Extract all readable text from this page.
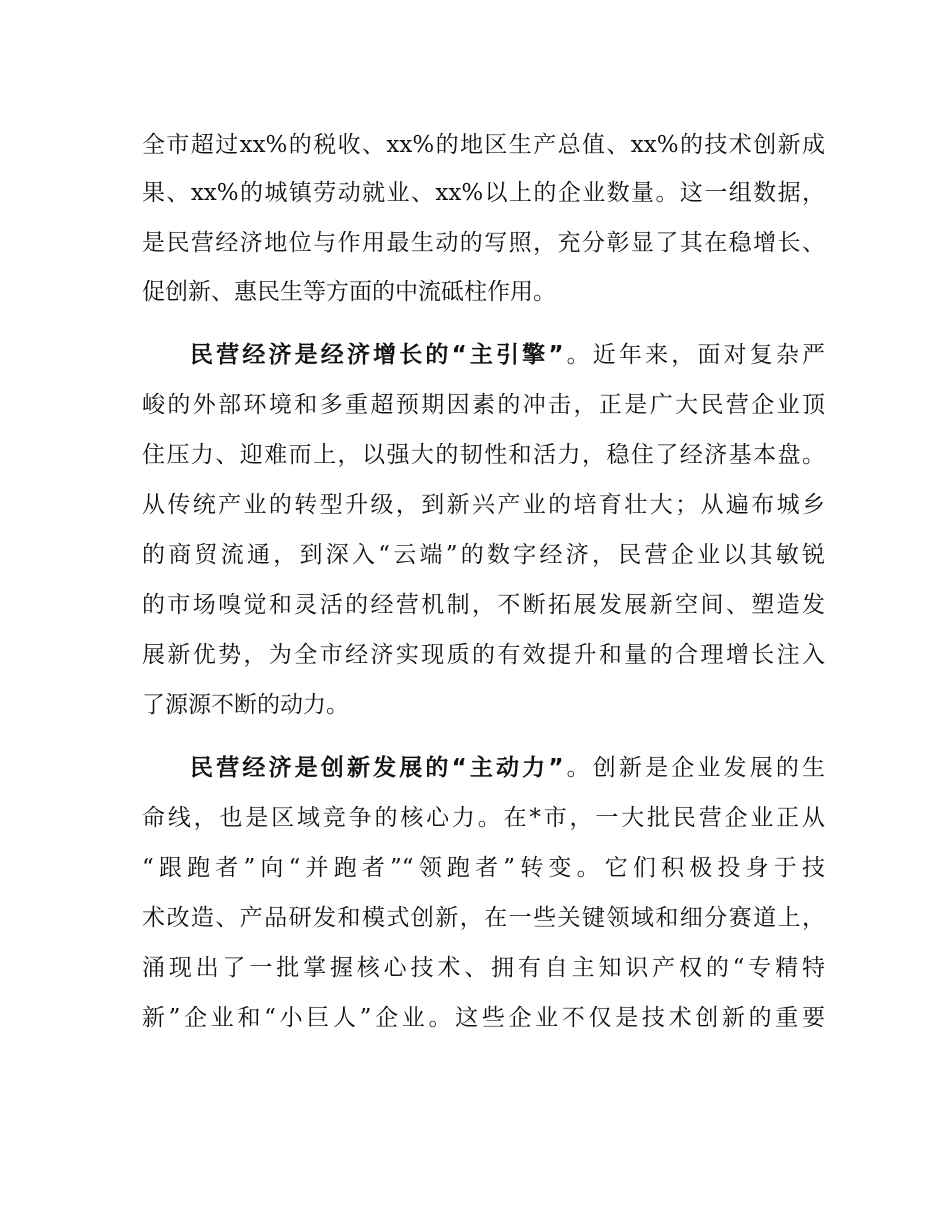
全市超过xx%的税收、xx%的地区生产总值、xx%的技术创新成
果、xx%的城镇劳动就业、xx%以上的企业数量。这一组数据，
是民营经济地位与作用最生动的写照，充分彰显了其在稳增长、
促创新、惠民生等方面的中流砥柱作用。
民营经济是经济增长的“主引擎”。近年来，面对复杂严
峻的外部环境和多重超预期因素的冲击，正是广大民营企业顶
住压力、迎难而上，以强大的韧性和活力，稳住了经济基本盘。
从传统产业的转型升级，到新兴产业的培育壮大；从遍布城乡
的商贸流通，到深入“云端”的数字经济，民营企业以其敏锐
的市场嗅觉和灵活的经营机制，不断拓展发展新空间、塑造发
展新优势，为全市经济实现质的有效提升和量的合理增长注入
了源源不断的动力。
民营经济是创新发展的“主动力”。创新是企业发展的生
命线，也是区域竞争的核心力。在*市，一大批民营企业正从
“跟跑者”向“并跑者”“领跑者”转变。它们积极投身于技
术改造、产品研发和模式创新，在一些关键领域和细分赛道上，
涌现出了一批掌握核心技术、拥有自主知识产权的“专精特
新”企业和“小巨人”企业。这些企业不仅是技术创新的重要
